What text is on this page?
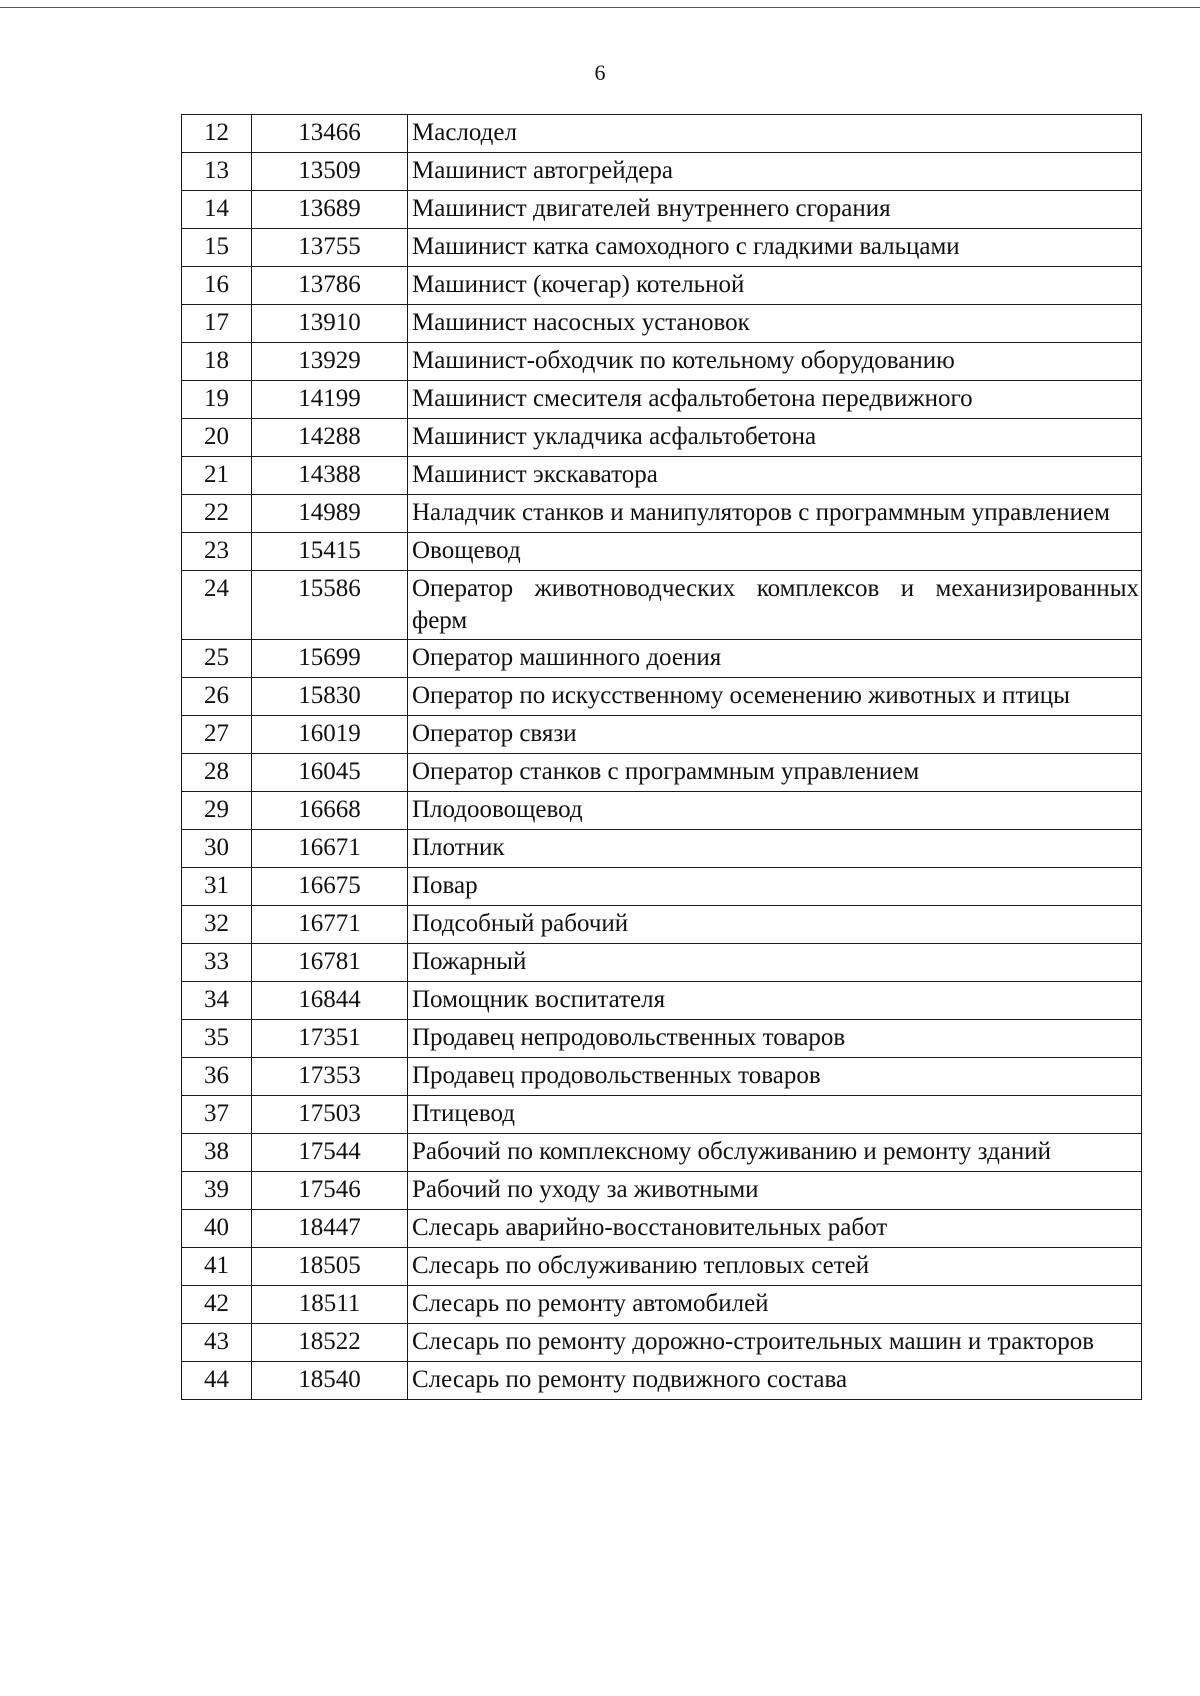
6
12	13466	Маслодел
13	13509	Машинист автогрейдера
14	13689	Машинист двигателей внутреннего сгорания
15	13755	Машинист катка самоходного с гладкими вальцами
16	13786	Машинист (кочегар) котельной
17	13910	Машинист насосных установок
18	13929	Машинист-обходчик по котельному оборудованию
19	14199	Машинист смесителя асфальтобетона передвижного
20	14288	Машинист укладчика асфальтобетона
21	14388	Машинист экскаватора
22	14989	Наладчик станков и манипуляторов с программным управлением
23	15415	Овощевод
24	15586	Оператор животноводческих комплексов и механизированных ферм
25	15699	Оператор машинного доения
26	15830	Оператор по искусственному осеменению животных и птицы
27	16019	Оператор связи
28	16045	Оператор станков с программным управлением
29	16668	Плодоовощевод
30	16671	Плотник
31	16675	Повар
32	16771	Подсобный рабочий
33	16781	Пожарный
34	16844	Помощник воспитателя
35	17351	Продавец непродовольственных товаров
36	17353	Продавец продовольственных товаров
37	17503	Птицевод
38	17544	Рабочий по комплексному обслуживанию и ремонту зданий
39	17546	Рабочий по уходу за животными
40	18447	Слесарь аварийно-восстановительных работ
41	18505	Слесарь по обслуживанию тепловых сетей
42	18511	Слесарь по ремонту автомобилей
43	18522	Слесарь по ремонту дорожно-строительных машин и тракторов
44	18540	Слесарь по ремонту подвижного состава
